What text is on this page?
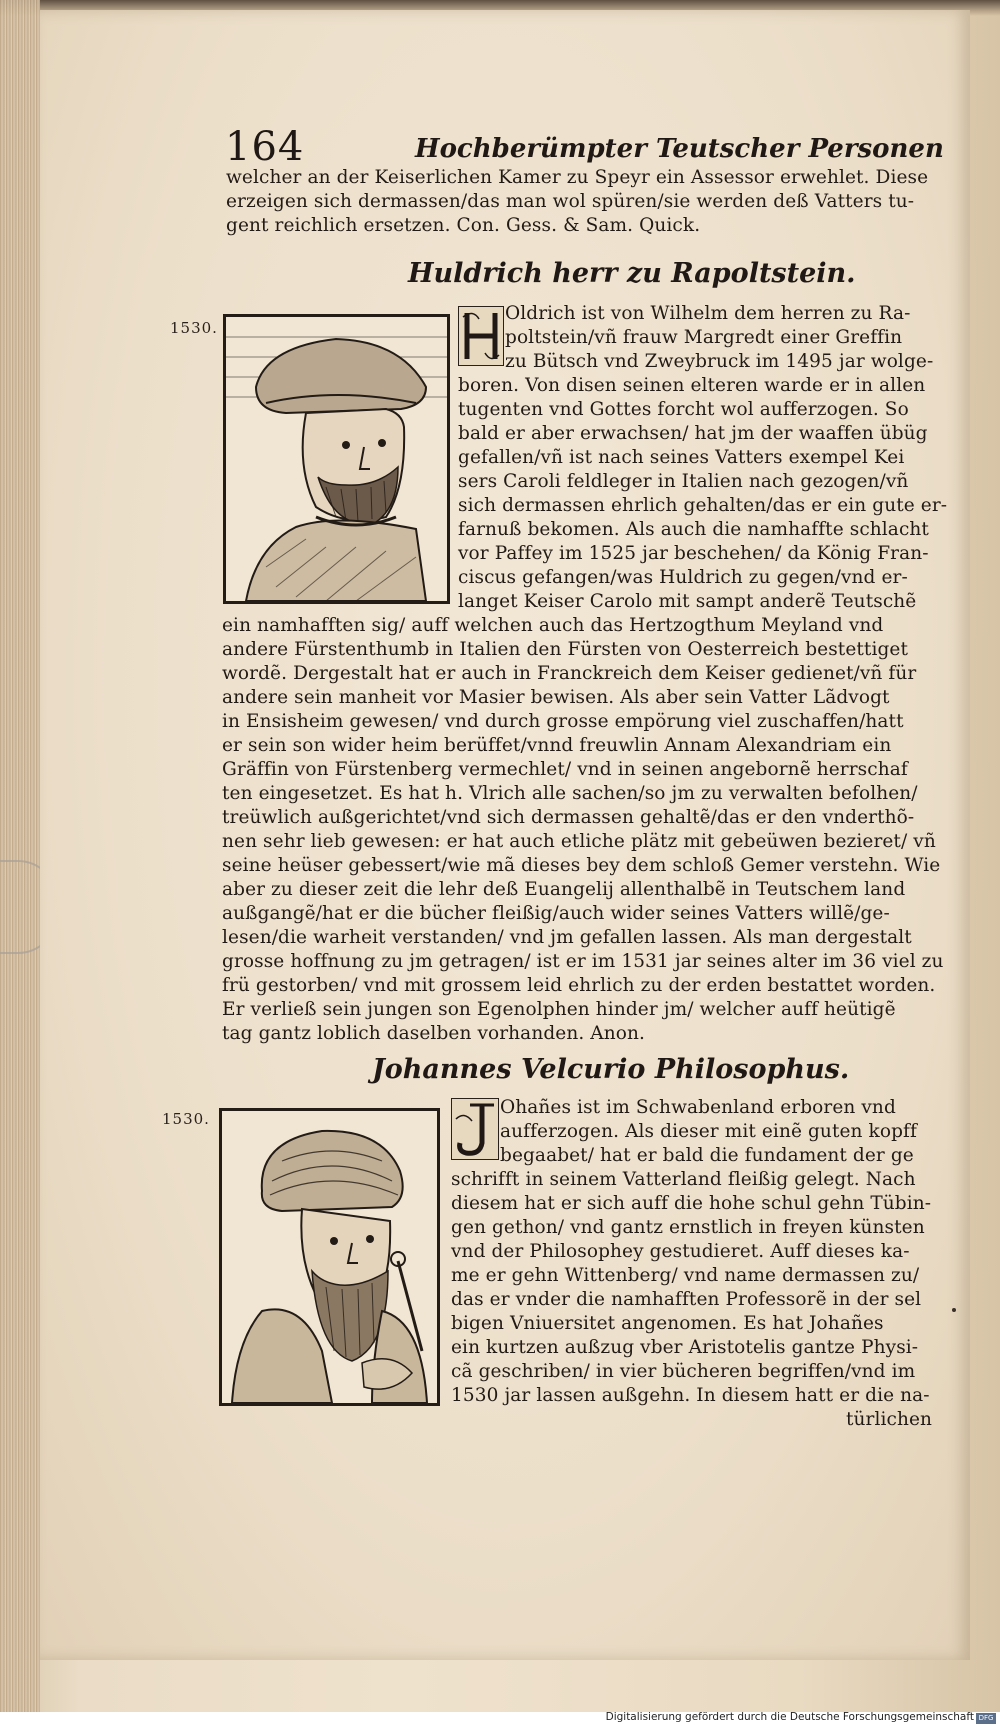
164	Hochberümpter Teutscher Personen
welcher an der Keiserlichen Kamer zu Speyr ein Assessor erwehlet. Diese
erzeigen sich dermassen/das man wol spüren/sie werden deß Vatters tu-
gent reichlich ersetzen. Con. Gess. & Sam. Quick.
Huldrich herr zu Rapoltstein.
1530.
Oldrich ist von Wilhelm dem herren zu Ra-
poltstein/vñ frauw Margredt einer Greffin
zu Bütsch vnd Zweybruck im 1495 jar wolge-
boren. Von disen seinen elteren warde er in allen
tugenten vnd Gottes forcht wol aufferzogen. So
bald er aber erwachsen/ hat jm der waaffen übüg
gefallen/vñ ist nach seines Vatters exempel Kei
sers Caroli feldleger in Italien nach gezogen/vñ
sich dermassen ehrlich gehalten/das er ein gute er-
farnuß bekomen. Als auch die namhaffte schlacht
vor Paffey im 1525 jar beschehen/ da König Fran-
ciscus gefangen/was Huldrich zu gegen/vnd er-
langet Keiser Carolo mit sampt anderẽ Teutschẽ
ein namhafften sig/ auff welchen auch das Hertzogthum Meyland vnd
andere Fürstenthumb in Italien den Fürsten von Oesterreich bestettiget
wordẽ. Dergestalt hat er auch in Franckreich dem Keiser gedienet/vñ für
andere sein manheit vor Masier bewisen. Als aber sein Vatter Lãdvogt
in Ensisheim gewesen/ vnd durch grosse empörung viel zuschaffen/hatt
er sein son wider heim berüffet/vnnd freuwlin Annam Alexandriam ein
Gräffin von Fürstenberg vermechlet/ vnd in seinen angebornẽ herrschaf
ten eingesetzet. Es hat h. Vlrich alle sachen/so jm zu verwalten befolhen/
treüwlich außgerichtet/vnd sich dermassen gehaltẽ/das er den vnderthõ-
nen sehr lieb gewesen: er hat auch etliche plätz mit gebeüwen bezieret/ vñ
seine heüser gebessert/wie mã dieses bey dem schloß Gemer verstehn. Wie
aber zu dieser zeit die lehr deß Euangelij allenthalbẽ in Teutschem land
außgangẽ/hat er die bücher fleißig/auch wider seines Vatters willẽ/ge-
lesen/die warheit verstanden/ vnd jm gefallen lassen. Als man dergestalt
grosse hoffnung zu jm getragen/ ist er im 1531 jar seines alter im 36 viel zu
frü gestorben/ vnd mit grossem leid ehrlich zu der erden bestattet worden.
Er verließ sein jungen son Egenolphen hinder jm/ welcher auff heütigẽ
tag gantz loblich daselben vorhanden. Anon.
Johannes Velcurio Philosophus.
1530.
Ohañes ist im Schwabenland erboren vnd
aufferzogen. Als dieser mit einẽ guten kopff
begaabet/ hat er bald die fundament der ge
schrifft in seinem Vatterland fleißig gelegt. Nach
diesem hat er sich auff die hohe schul gehn Tübin-
gen gethon/ vnd gantz ernstlich in freyen künsten
vnd der Philosophey gestudieret. Auff dieses ka-
me er gehn Wittenberg/ vnd name dermassen zu/
das er vnder die namhafften Professorẽ in der sel
bigen Vniuersitet angenomen. Es hat Johañes
ein kurtzen außzug vber Aristotelis gantze Physi-
cã geschriben/ in vier bücheren begriffen/vnd im
1530 jar lassen außgehn. In diesem hatt er die na-
türlichen
Digitalisierung gefördert durch die Deutsche Forschungsgemeinschaft DFG
